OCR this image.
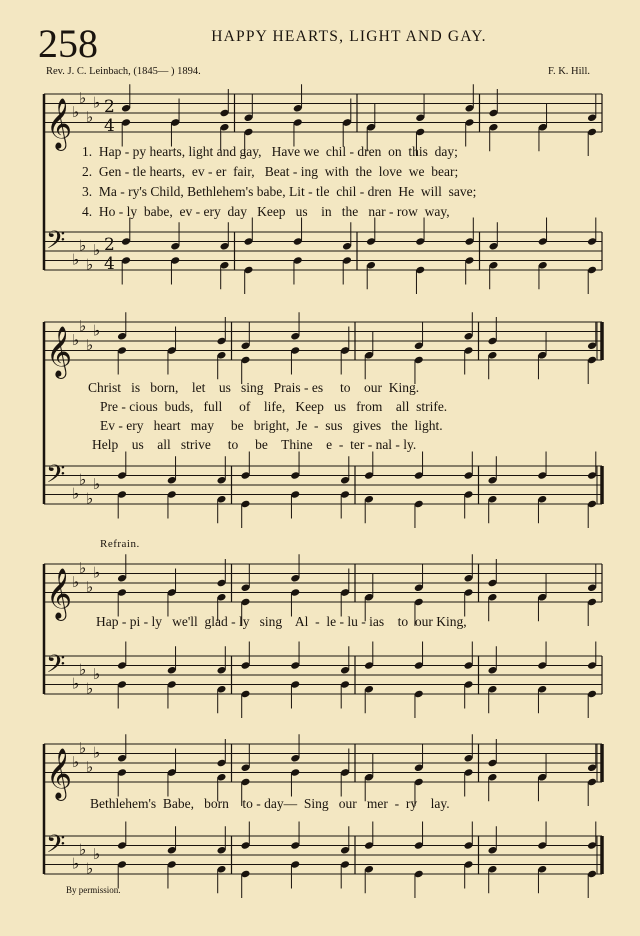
258	HAPPY HEARTS, LIGHT AND GAY.
Rev. J. C. Leinbach, (1845— ) 1894.	F. K. Hill.
𝄞
𝄢
♭
♭
♭
♭
♭
♭
♭
♭
2
4
2
4
𝄞
𝄢
♭
♭
♭
♭
♭
♭
♭
♭
𝄞
𝄢
♭
♭
♭
♭
♭
♭
♭
♭
𝄞
𝄢
♭
♭
♭
♭
♭
♭
♭
♭
1.  Hap - py hearts, light and gay,   Have we  chil - dren  on  this  day;
2.  Gen - tle hearts,  ev - er  fair,   Beat - ing  with  the  love  we  bear;
3.  Ma - ry's Child, Bethlehem's babe, Lit - tle  chil - dren  He  will  save;
4.  Ho - ly  babe,  ev - ery  day   Keep   us    in   the   nar - row  way,
Christ   is   born,    let    us   sing   Prais - es     to    our  King.
Pre - cious  buds,   full     of    life,   Keep   us   from    all  strife.
Ev - ery   heart   may     be   bright,  Je  -  sus   gives   the  light.
Help    us    all   strive     to     be    Thine    e  -  ter - nal - ly.
Refrain.
Hap - pi - ly   we'll  glad - ly   sing    Al  -  le - lu - ias    to  our King,
Bethlehem's  Babe,   born    to - day—  Sing   our   mer  -  ry    lay.
By permission.
